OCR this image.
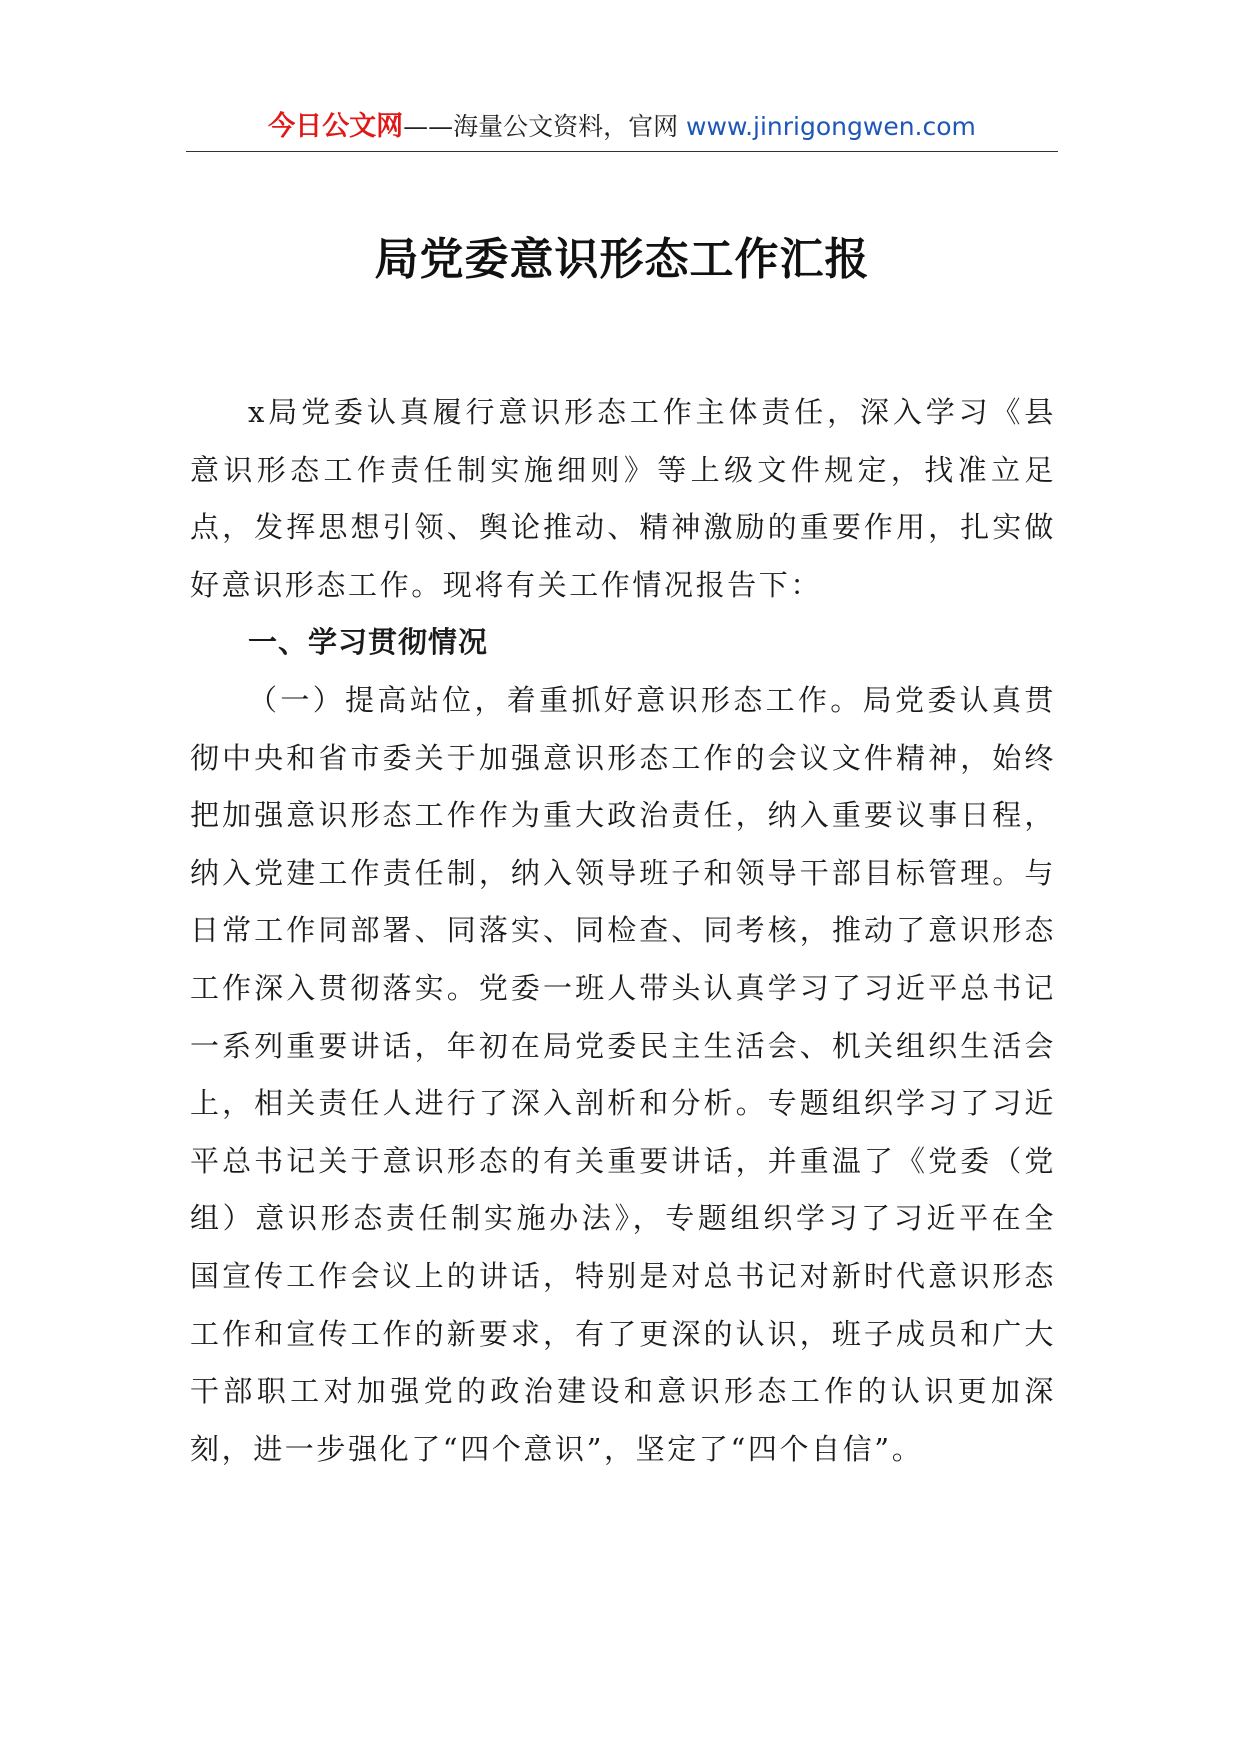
今日公文网——海量公文资料，官网 www.jinrigongwen.com
局党委意识形态工作汇报

x局党委认真履行意识形态工作主体责任，深入学习《县意识形态工作责任制实施细则》等上级文件规定，找准立足点，发挥思想引领、舆论推动、精神激励的重要作用，扎实做好意识形态工作。现将有关工作情况报告下：

一、学习贯彻情况

（一）提高站位，着重抓好意识形态工作。局党委认真贯彻中央和省市委关于加强意识形态工作的会议文件精神，始终把加强意识形态工作作为重大政治责任，纳入重要议事日程，纳入党建工作责任制，纳入领导班子和领导干部目标管理。与日常工作同部署、同落实、同检查、同考核，推动了意识形态工作深入贯彻落实。党委一班人带头认真学习了习近平总书记一系列重要讲话，年初在局党委民主生活会、机关组织生活会上，相关责任人进行了深入剖析和分析。专题组织学习了习近平总书记关于意识形态的有关重要讲话，并重温了《党委（党组）意识形态责任制实施办法》，专题组织学习了习近平在全国宣传工作会议上的讲话，特别是对总书记对新时代意识形态工作和宣传工作的新要求，有了更深的认识，班子成员和广大干部职工对加强党的政治建设和意识形态工作的认识更加深刻，进一步强化了“四个意识”，坚定了“四个自信”。
